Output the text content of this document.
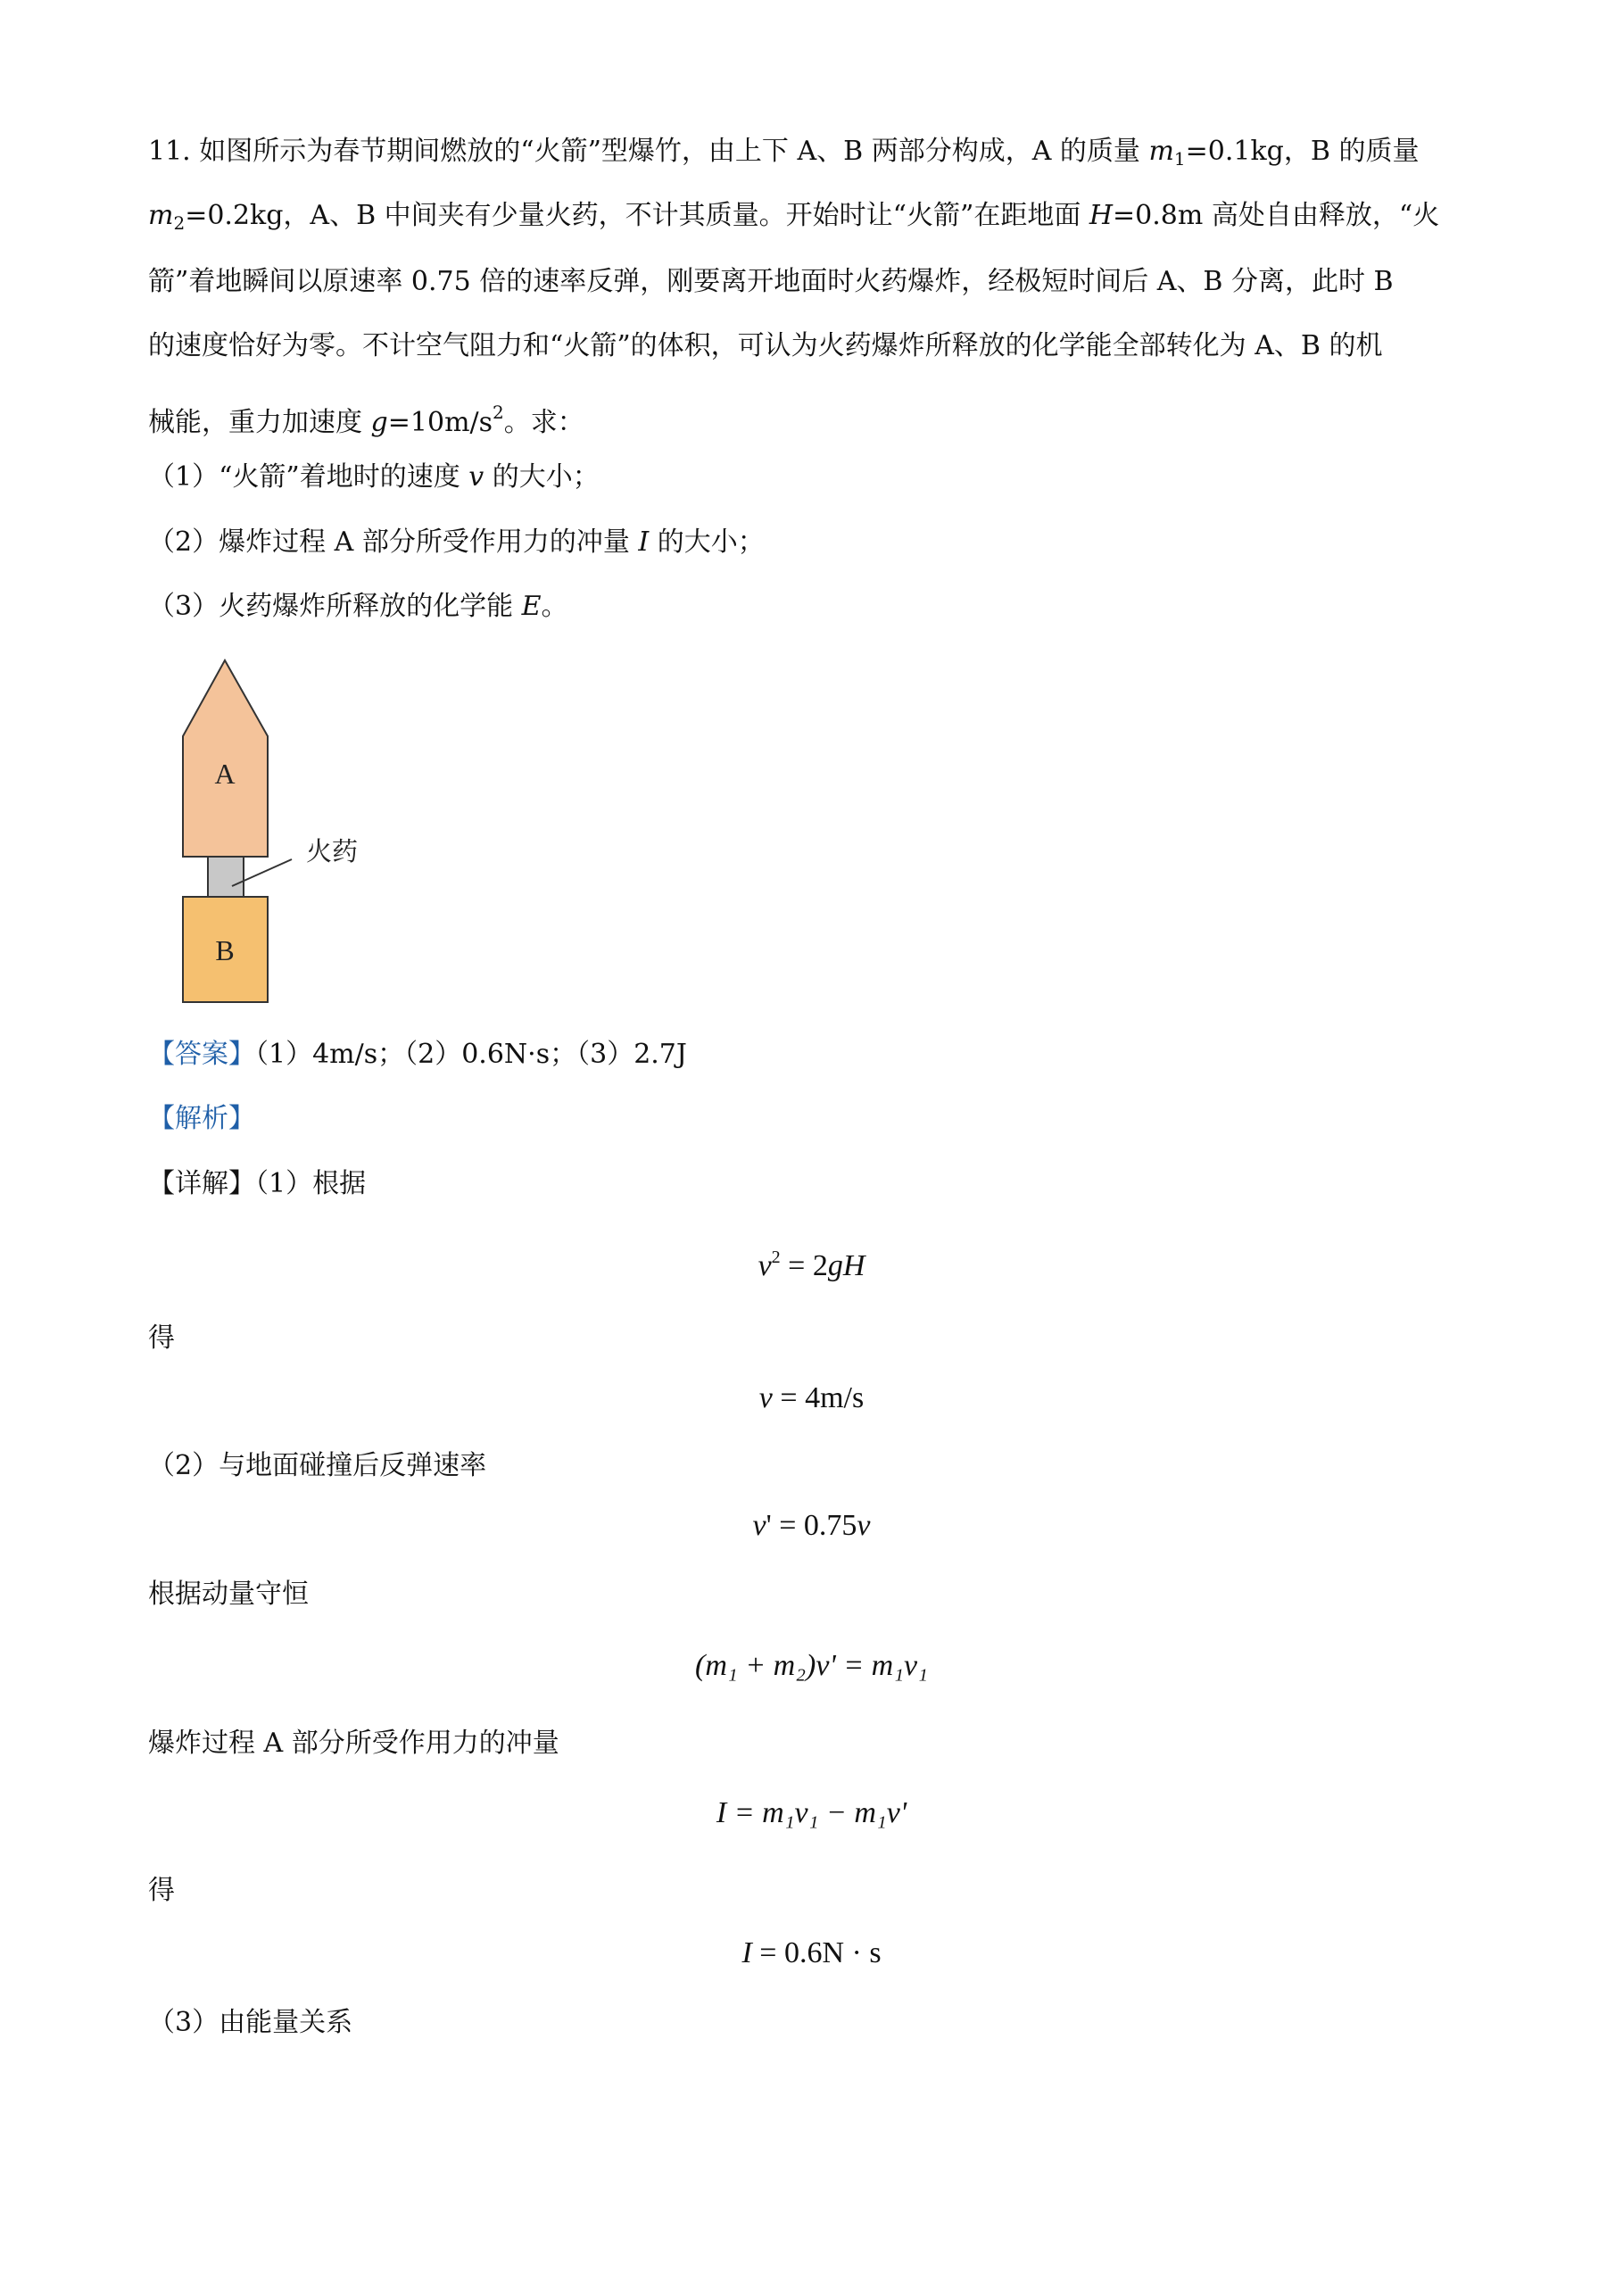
11. 如图所示为春节期间燃放的“火箭”型爆竹，由上下 A、B 两部分构成，A 的质量 $m_1=0.1kg$，B 的质量
$m_2=0.2kg$，A、B 中间夹有少量火药，不计其质量。开始时让“火箭”在距地面 H=0.8m 高处自由释放，“火
箭”着地瞬间以原速率 0.75 倍的速率反弹，刚要离开地面时火药爆炸，经极短时间后 A、B 分离，此时 B
的速度恰好为零。不计空气阻力和“火箭”的体积，可认为火药爆炸所释放的化学能全部转化为 A、B 的机
械能，重力加速度 $g=10m/s^2$。求：
（1）“火箭”着地时的速度 v 的大小；
（2）爆炸过程 A 部分所受作用力的冲量 I 的大小；
（3）火药爆炸所释放的化学能 E。
A
B
火药
【答案】（1）4m/s；（2）0.6N·s；（3）2.7J
【解析】
【详解】（1）根据
$v^2 = 2gH$
得
v = 4m/s
（2）与地面碰撞后反弹速率
v' = 0.75v
根据动量守恒
(m₁ + m₂)v' = m₁v₁
爆炸过程 A 部分所受作用力的冲量
I = m₁v₁ − m₁v'
得
I = 0.6N · s
（3）由能量关系
